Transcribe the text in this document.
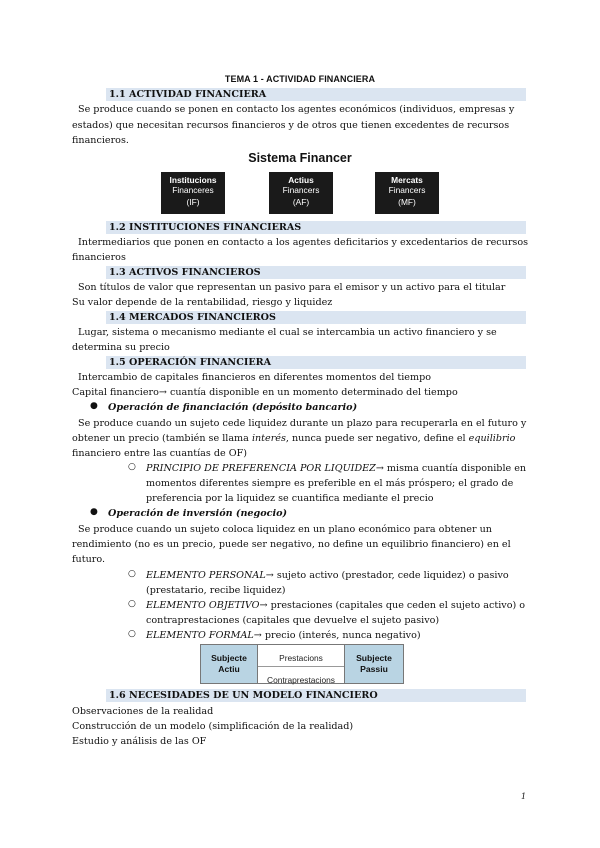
TEMA 1 - ACTIVIDAD FINANCIERA
1.1 ACTIVIDAD FINANCIERA
Se produce cuando se ponen en contacto los agentes económicos (individuos, empresas y
estados) que necesitan recursos financieros y de otros que tienen excedentes de recursos
financieros.
Sistema Financer
Institucions
Financeres
(IF)
Actius
Financers
(AF)
Mercats
Financers
(MF)
1.2 INSTITUCIONES FINANCIERAS
Intermediarios que ponen en contacto a los agentes deficitarios y excedentarios de recursos
financieros
1.3 ACTIVOS FINANCIEROS
Son títulos de valor que representan un pasivo para el emisor y un activo para el titular
Su valor depende de la rentabilidad, riesgo y liquidez
1.4 MERCADOS FINANCIEROS
Lugar, sistema o mecanismo mediante el cual se intercambia un activo financiero y se
determina su precio
1.5 OPERACIÓN FINANCIERA
Intercambio de capitales financieros en diferentes momentos del tiempo
Capital financiero→ cuantía disponible en un momento determinado del tiempo
● Operación de financiación (depósito bancario)
Se produce cuando un sujeto cede liquidez durante un plazo para recuperarla en el futuro y
obtener un precio (también se llama interés, nunca puede ser negativo, define el equilibrio
financiero entre las cuantías de OF)
○ PRINCIPIO DE PREFERENCIA POR LIQUIDEZ→ misma cuantía disponible en
momentos diferentes siempre es preferible en el más próspero; el grado de
preferencia por la liquidez se cuantifica mediante el precio
● Operación de inversión (negocio)
Se produce cuando un sujeto coloca liquidez en un plano económico para obtener un
rendimiento (no es un precio, puede ser negativo, no define un equilibrio financiero) en el
futuro.
○ ELEMENTO PERSONAL→ sujeto activo (prestador, cede liquidez) o pasivo
(prestatario, recibe liquidez)
○ ELEMENTO OBJETIVO→ prestaciones (capitales que ceden el sujeto activo) o
contraprestaciones (capitales que devuelve el sujeto pasivo)
○ ELEMENTO FORMAL→ precio (interés, nunca negativo)
Subjecte
Actiu
Prestacions
Contraprestacions
Subjecte
Passiu
1.6 NECESIDADES DE UN MODELO FINANCIERO
Observaciones de la realidad
Construcción de un modelo (simplificación de la realidad)
Estudio y análisis de las OF
1
